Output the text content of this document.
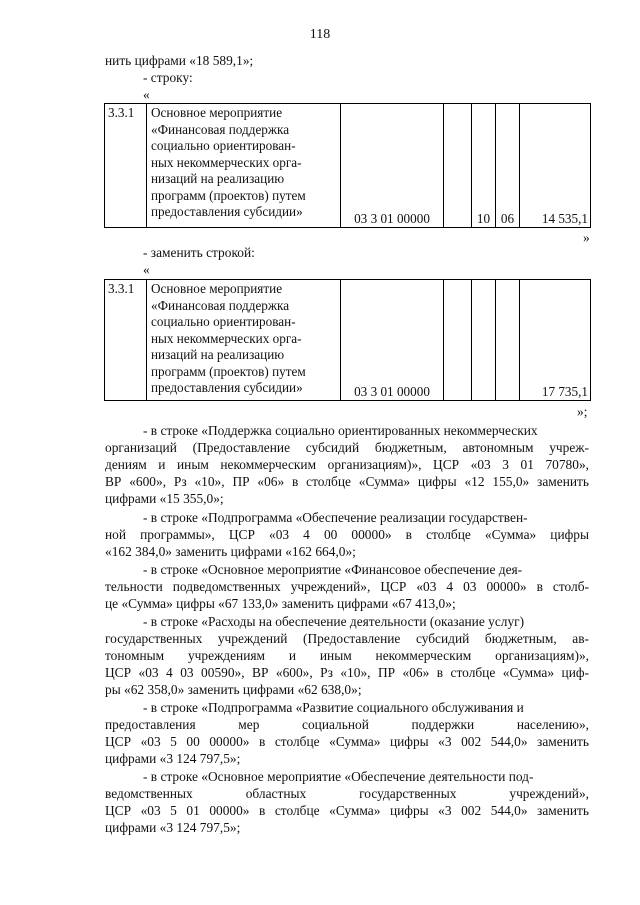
118
нить цифрами «18 589,1»;
- строку:
«
3.3.1	Основное мероприятие
«Финансовая поддержка
социально ориентирован-
ных некоммерческих орга-
низаций на реализацию
программ (проектов) путем
предоставления субсидии»	03 3 01 00000		10	06	14 535,1
»
- заменить строкой:
«
3.3.1	Основное мероприятие
«Финансовая поддержка
социально ориентирован-
ных некоммерческих орга-
низаций на реализацию
программ (проектов) путем
предоставления субсидии»	03 3 01 00000				17 735,1
»;
- в строке «Поддержка социально ориентированных некоммерческих
организаций (Предоставление субсидий бюджетным, автономным учреж-
дениям и иным некоммерческим организациям)», ЦСР «03 3 01 70780»,
ВР «600», Рз «10», ПР «06» в столбце «Сумма» цифры «12 155,0» заменить
цифрами «15 355,0»;
- в строке «Подпрограмма «Обеспечение реализации государствен-
ной программы», ЦСР «03 4 00 00000» в столбце «Сумма» цифры
«162 384,0» заменить цифрами «162 664,0»;
- в строке «Основное мероприятие «Финансовое обеспечение дея-
тельности подведомственных учреждений», ЦСР «03 4 03 00000» в столб-
це «Сумма» цифры «67 133,0» заменить цифрами «67 413,0»;
- в строке «Расходы на обеспечение деятельности (оказание услуг)
государственных учреждений (Предоставление субсидий бюджетным, ав-
тономным учреждениям и иным некоммерческим организациям)»,
ЦСР «03 4 03 00590», ВР «600», Рз «10», ПР «06» в столбце «Сумма» циф-
ры «62 358,0» заменить цифрами «62 638,0»;
- в строке «Подпрограмма «Развитие социального обслуживания и
предоставления мер социальной поддержки населению»,
ЦСР «03 5 00 00000» в столбце «Сумма» цифры «3 002 544,0» заменить
цифрами «3 124 797,5»;
- в строке «Основное мероприятие «Обеспечение деятельности под-
ведомственных областных государственных учреждений»,
ЦСР «03 5 01 00000» в столбце «Сумма» цифры «3 002 544,0» заменить
цифрами «3 124 797,5»;
